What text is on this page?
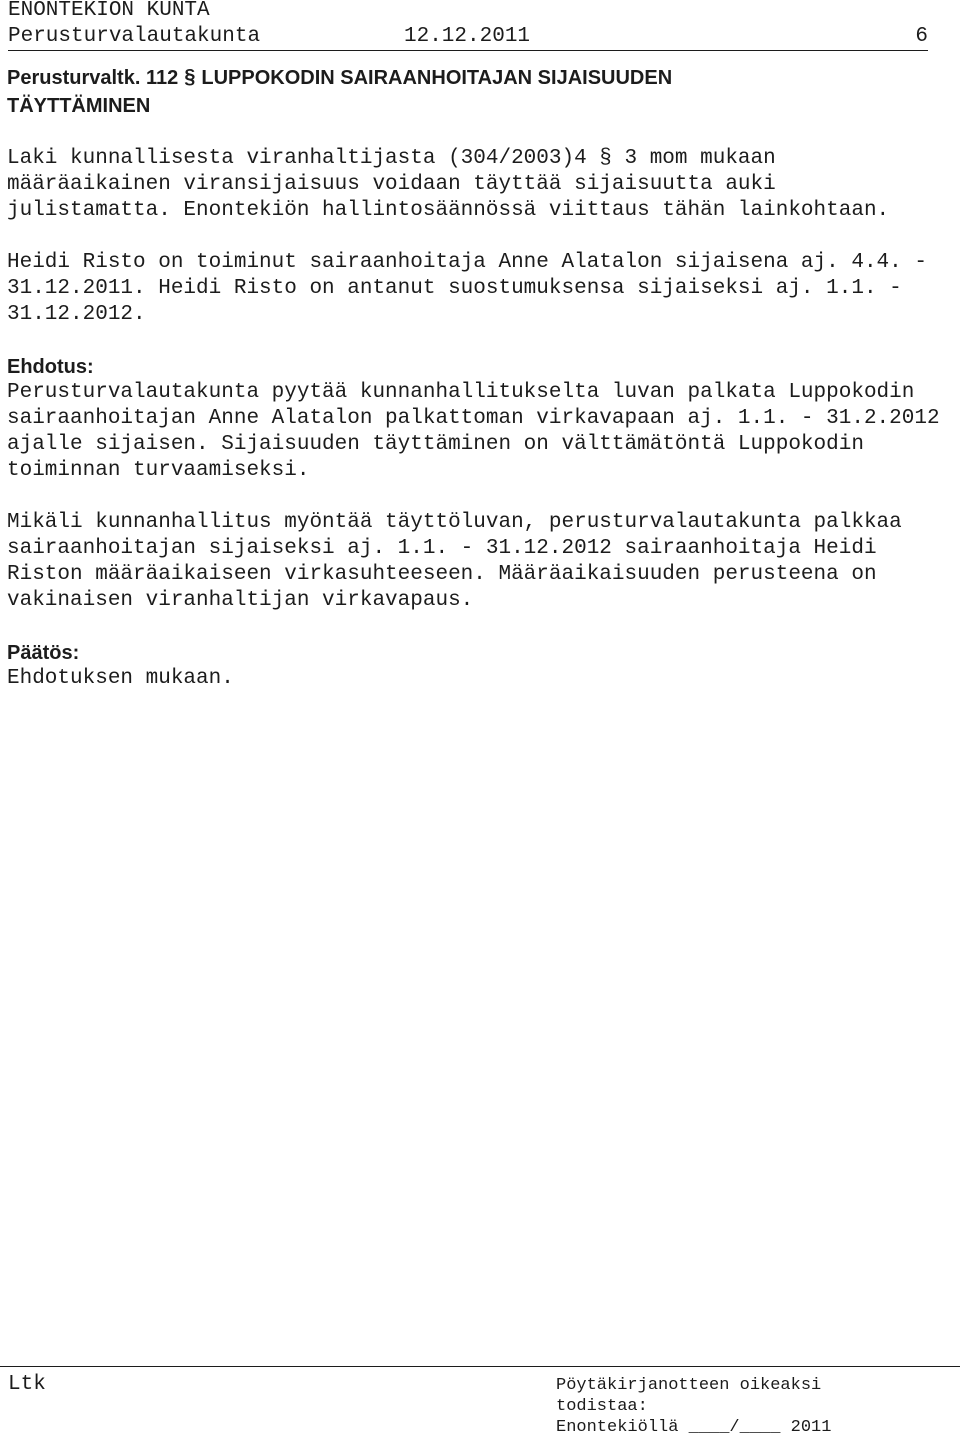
ENONTEKIÖN KUNTA
Perusturvalautakunta	12.12.2011	6
Perusturvaltk. 112 § LUPPOKODIN SAIRAANHOITAJAN SIJAISUUDEN
TÄYTTÄMINEN

Laki kunnallisesta viranhaltijasta (304/2003)4 § 3 mom mukaan määräaikainen viransijaisuus voidaan täyttää sijaisuutta auki julistamatta. Enontekiön hallintosäännössä viittaus tähän lainkohtaan.

Heidi Risto on toiminut sairaanhoitaja Anne Alatalon sijaisena aj. 4.4. - 31.12.2011. Heidi Risto on antanut suostumuksensa sijaiseksi aj. 1.1. - 31.12.2012.

Ehdotus:
Perusturvalautakunta pyytää kunnanhallitukselta luvan palkata Luppokodin sairaanhoitajan Anne Alatalon palkattoman virkavapaan aj. 1.1. - 31.2.2012 ajalle sijaisen. Sijaisuuden täyttäminen on välttämätöntä Luppokodin toiminnan turvaamiseksi.

Mikäli kunnanhallitus myöntää täyttöluvan, perusturvalautakunta palkkaa sairaanhoitajan sijaiseksi aj. 1.1. - 31.12.2012 sairaanhoitaja Heidi Riston määräaikaiseen virkasuhteeseen. Määräaikaisuuden perusteena on vakinaisen viranhaltijan virkavapaus.

Päätös:
Ehdotuksen mukaan.
Ltk	Pöytäkirjanotteen oikeaksi
todistaa:
Enontekiöllä ____/____ 2011
